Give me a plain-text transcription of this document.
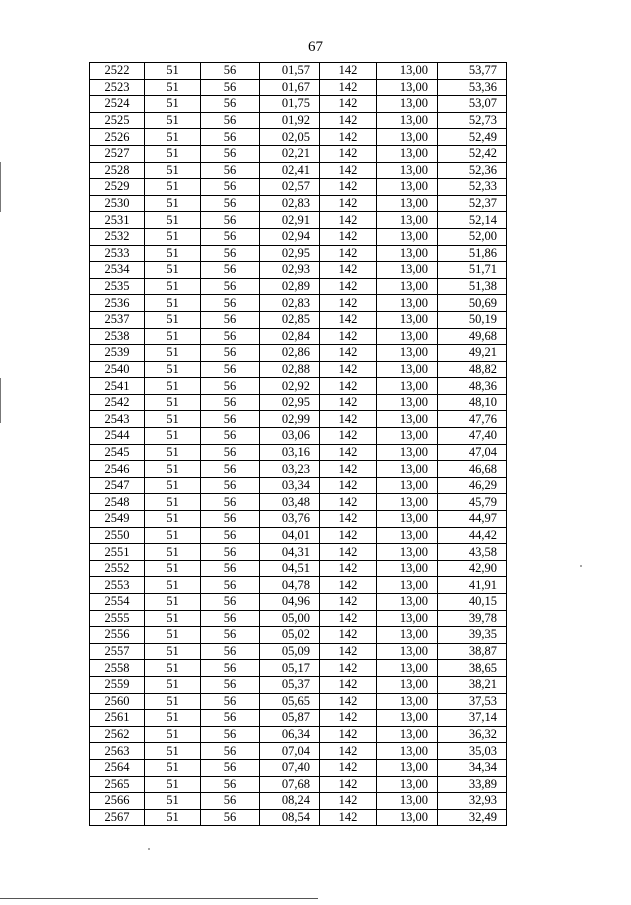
67
2522	51	56	01,57	142	13,00	53,77
2523	51	56	01,67	142	13,00	53,36
2524	51	56	01,75	142	13,00	53,07
2525	51	56	01,92	142	13,00	52,73
2526	51	56	02,05	142	13,00	52,49
2527	51	56	02,21	142	13,00	52,42
2528	51	56	02,41	142	13,00	52,36
2529	51	56	02,57	142	13,00	52,33
2530	51	56	02,83	142	13,00	52,37
2531	51	56	02,91	142	13,00	52,14
2532	51	56	02,94	142	13,00	52,00
2533	51	56	02,95	142	13,00	51,86
2534	51	56	02,93	142	13,00	51,71
2535	51	56	02,89	142	13,00	51,38
2536	51	56	02,83	142	13,00	50,69
2537	51	56	02,85	142	13,00	50,19
2538	51	56	02,84	142	13,00	49,68
2539	51	56	02,86	142	13,00	49,21
2540	51	56	02,88	142	13,00	48,82
2541	51	56	02,92	142	13,00	48,36
2542	51	56	02,95	142	13,00	48,10
2543	51	56	02,99	142	13,00	47,76
2544	51	56	03,06	142	13,00	47,40
2545	51	56	03,16	142	13,00	47,04
2546	51	56	03,23	142	13,00	46,68
2547	51	56	03,34	142	13,00	46,29
2548	51	56	03,48	142	13,00	45,79
2549	51	56	03,76	142	13,00	44,97
2550	51	56	04,01	142	13,00	44,42
2551	51	56	04,31	142	13,00	43,58
2552	51	56	04,51	142	13,00	42,90
2553	51	56	04,78	142	13,00	41,91
2554	51	56	04,96	142	13,00	40,15
2555	51	56	05,00	142	13,00	39,78
2556	51	56	05,02	142	13,00	39,35
2557	51	56	05,09	142	13,00	38,87
2558	51	56	05,17	142	13,00	38,65
2559	51	56	05,37	142	13,00	38,21
2560	51	56	05,65	142	13,00	37,53
2561	51	56	05,87	142	13,00	37,14
2562	51	56	06,34	142	13,00	36,32
2563	51	56	07,04	142	13,00	35,03
2564	51	56	07,40	142	13,00	34,34
2565	51	56	07,68	142	13,00	33,89
2566	51	56	08,24	142	13,00	32,93
2567	51	56	08,54	142	13,00	32,49
